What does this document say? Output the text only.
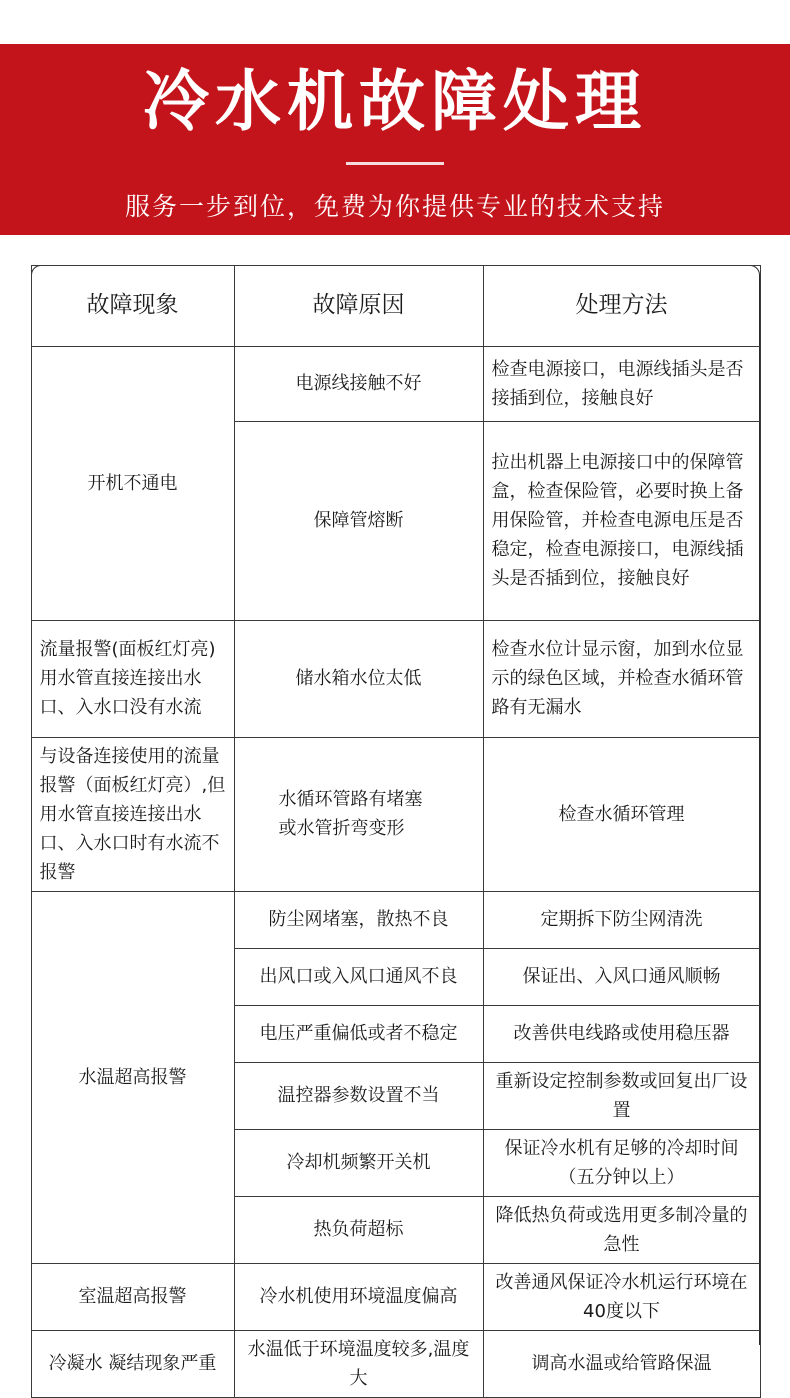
冷水机故障处理
服务一步到位，免费为你提供专业的技术支持
故障现象	故障原因	处理方法
开机不通电	电源线接触不好	检查电源接口，电源线插头是否接插到位，接触良好
	保障管熔断	拉出机器上电源接口中的保障管盒，检查保险管，必要时换上备用保险管，并检查电源电压是否稳定，检查电源接口，电源线插头是否插到位，接触良好
流量报警(面板红灯亮)用水管直接连接出水口、入水口没有水流	储水箱水位太低	检查水位计显示窗，加到水位显示的绿色区域，并检查水循环管路有无漏水
与设备连接使用的流量报警（面板红灯亮）,但用水管直接连接出水口、入水口时有水流不报警	水循环管路有堵塞或水管折弯变形	检查水循环管理
水温超高报警	防尘网堵塞，散热不良	定期拆下防尘网清洗
	出风口或入风口通风不良	保证出、入风口通风顺畅
	电压严重偏低或者不稳定	改善供电线路或使用稳压器
	温控器参数设置不当	重新设定控制参数或回复出厂设置
	冷却机频繁开关机	保证冷水机有足够的冷却时间（五分钟以上）
	热负荷超标	降低热负荷或选用更多制冷量的急性
室温超高报警	冷水机使用环境温度偏高	改善通风保证冷水机运行环境在40度以下
冷凝水 凝结现象严重	水温低于环境温度较多,温度大	调高水温或给管路保温
